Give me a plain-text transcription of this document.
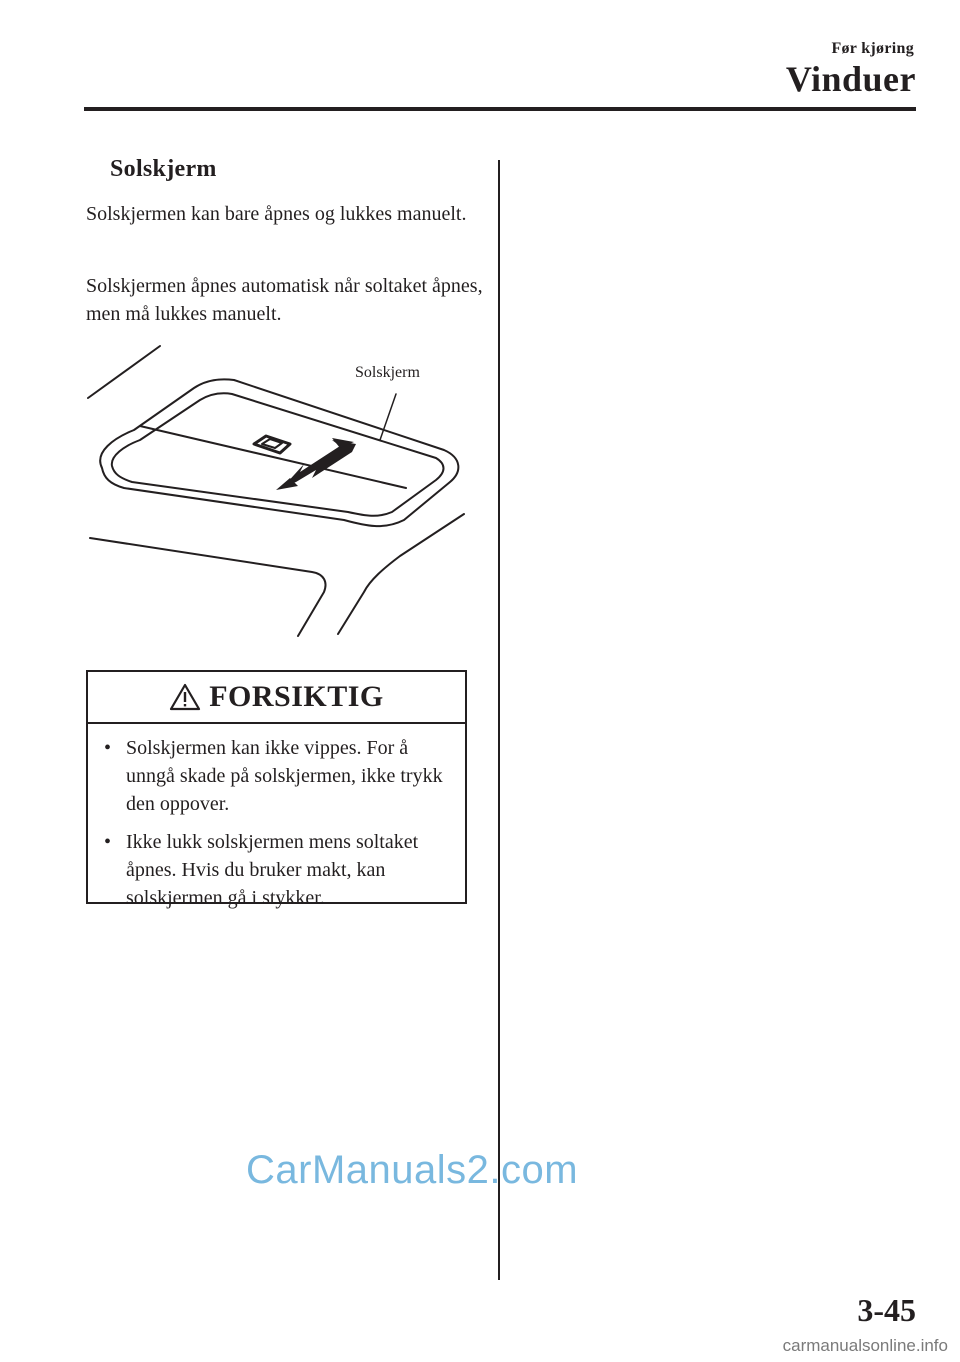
Før kjøring
Vinduer
Solskjerm
Solskjermen kan bare åpnes og lukkes manuelt.
Solskjermen åpnes automatisk når soltaket åpnes, men må lukkes manuelt.
Solskjerm
FORSIKTIG
• Solskjermen kan ikke vippes. For å unngå skade på solskjermen, ikke trykk den oppover.
• Ikke lukk solskjermen mens soltaket åpnes. Hvis du bruker makt, kan solskjermen gå i stykker.
CarManuals2.com
3-45
carmanualsonline.info
